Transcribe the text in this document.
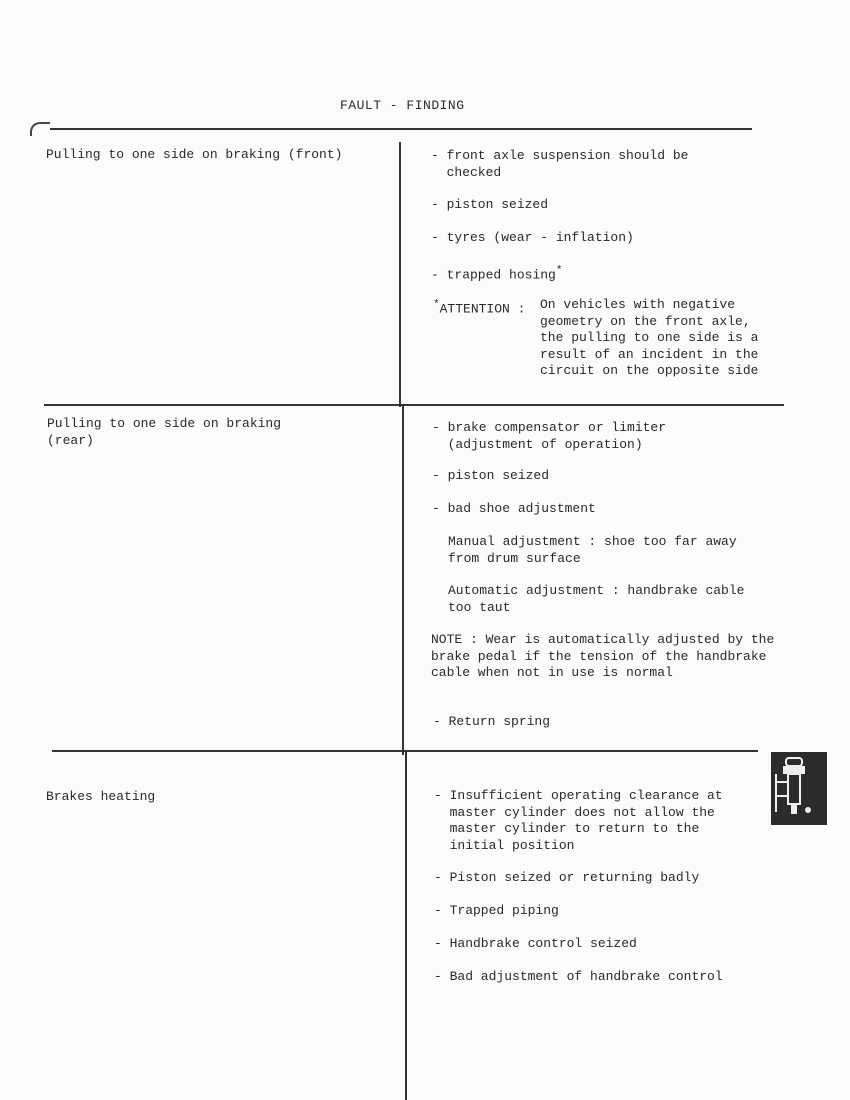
FAULT - FINDING
Pulling to one side on braking (front)	- front axle suspension should be
checked
- piston seized
- tyres (wear - inflation)
- trapped hosing*
*ATTENTION : On vehicles with negative
geometry on the front axle,
the pulling to one side is a
result of an incident in the
circuit on the opposite side
Pulling to one side on braking
(rear)
- brake compensator or limiter
(adjustment of operation)
- piston seized
- bad shoe adjustment
Manual adjustment : shoe too far away
from drum surface
Automatic adjustment : handbrake cable
too taut
NOTE : Wear is automatically adjusted by the
brake pedal if the tension of the handbrake
cable when not in use is normal
- Return spring
Brakes heating	- Insufficient operating clearance at
master cylinder does not allow the
master cylinder to return to the
initial position
- Piston seized or returning badly
- Trapped piping
- Handbrake control seized
- Bad adjustment of handbrake control
